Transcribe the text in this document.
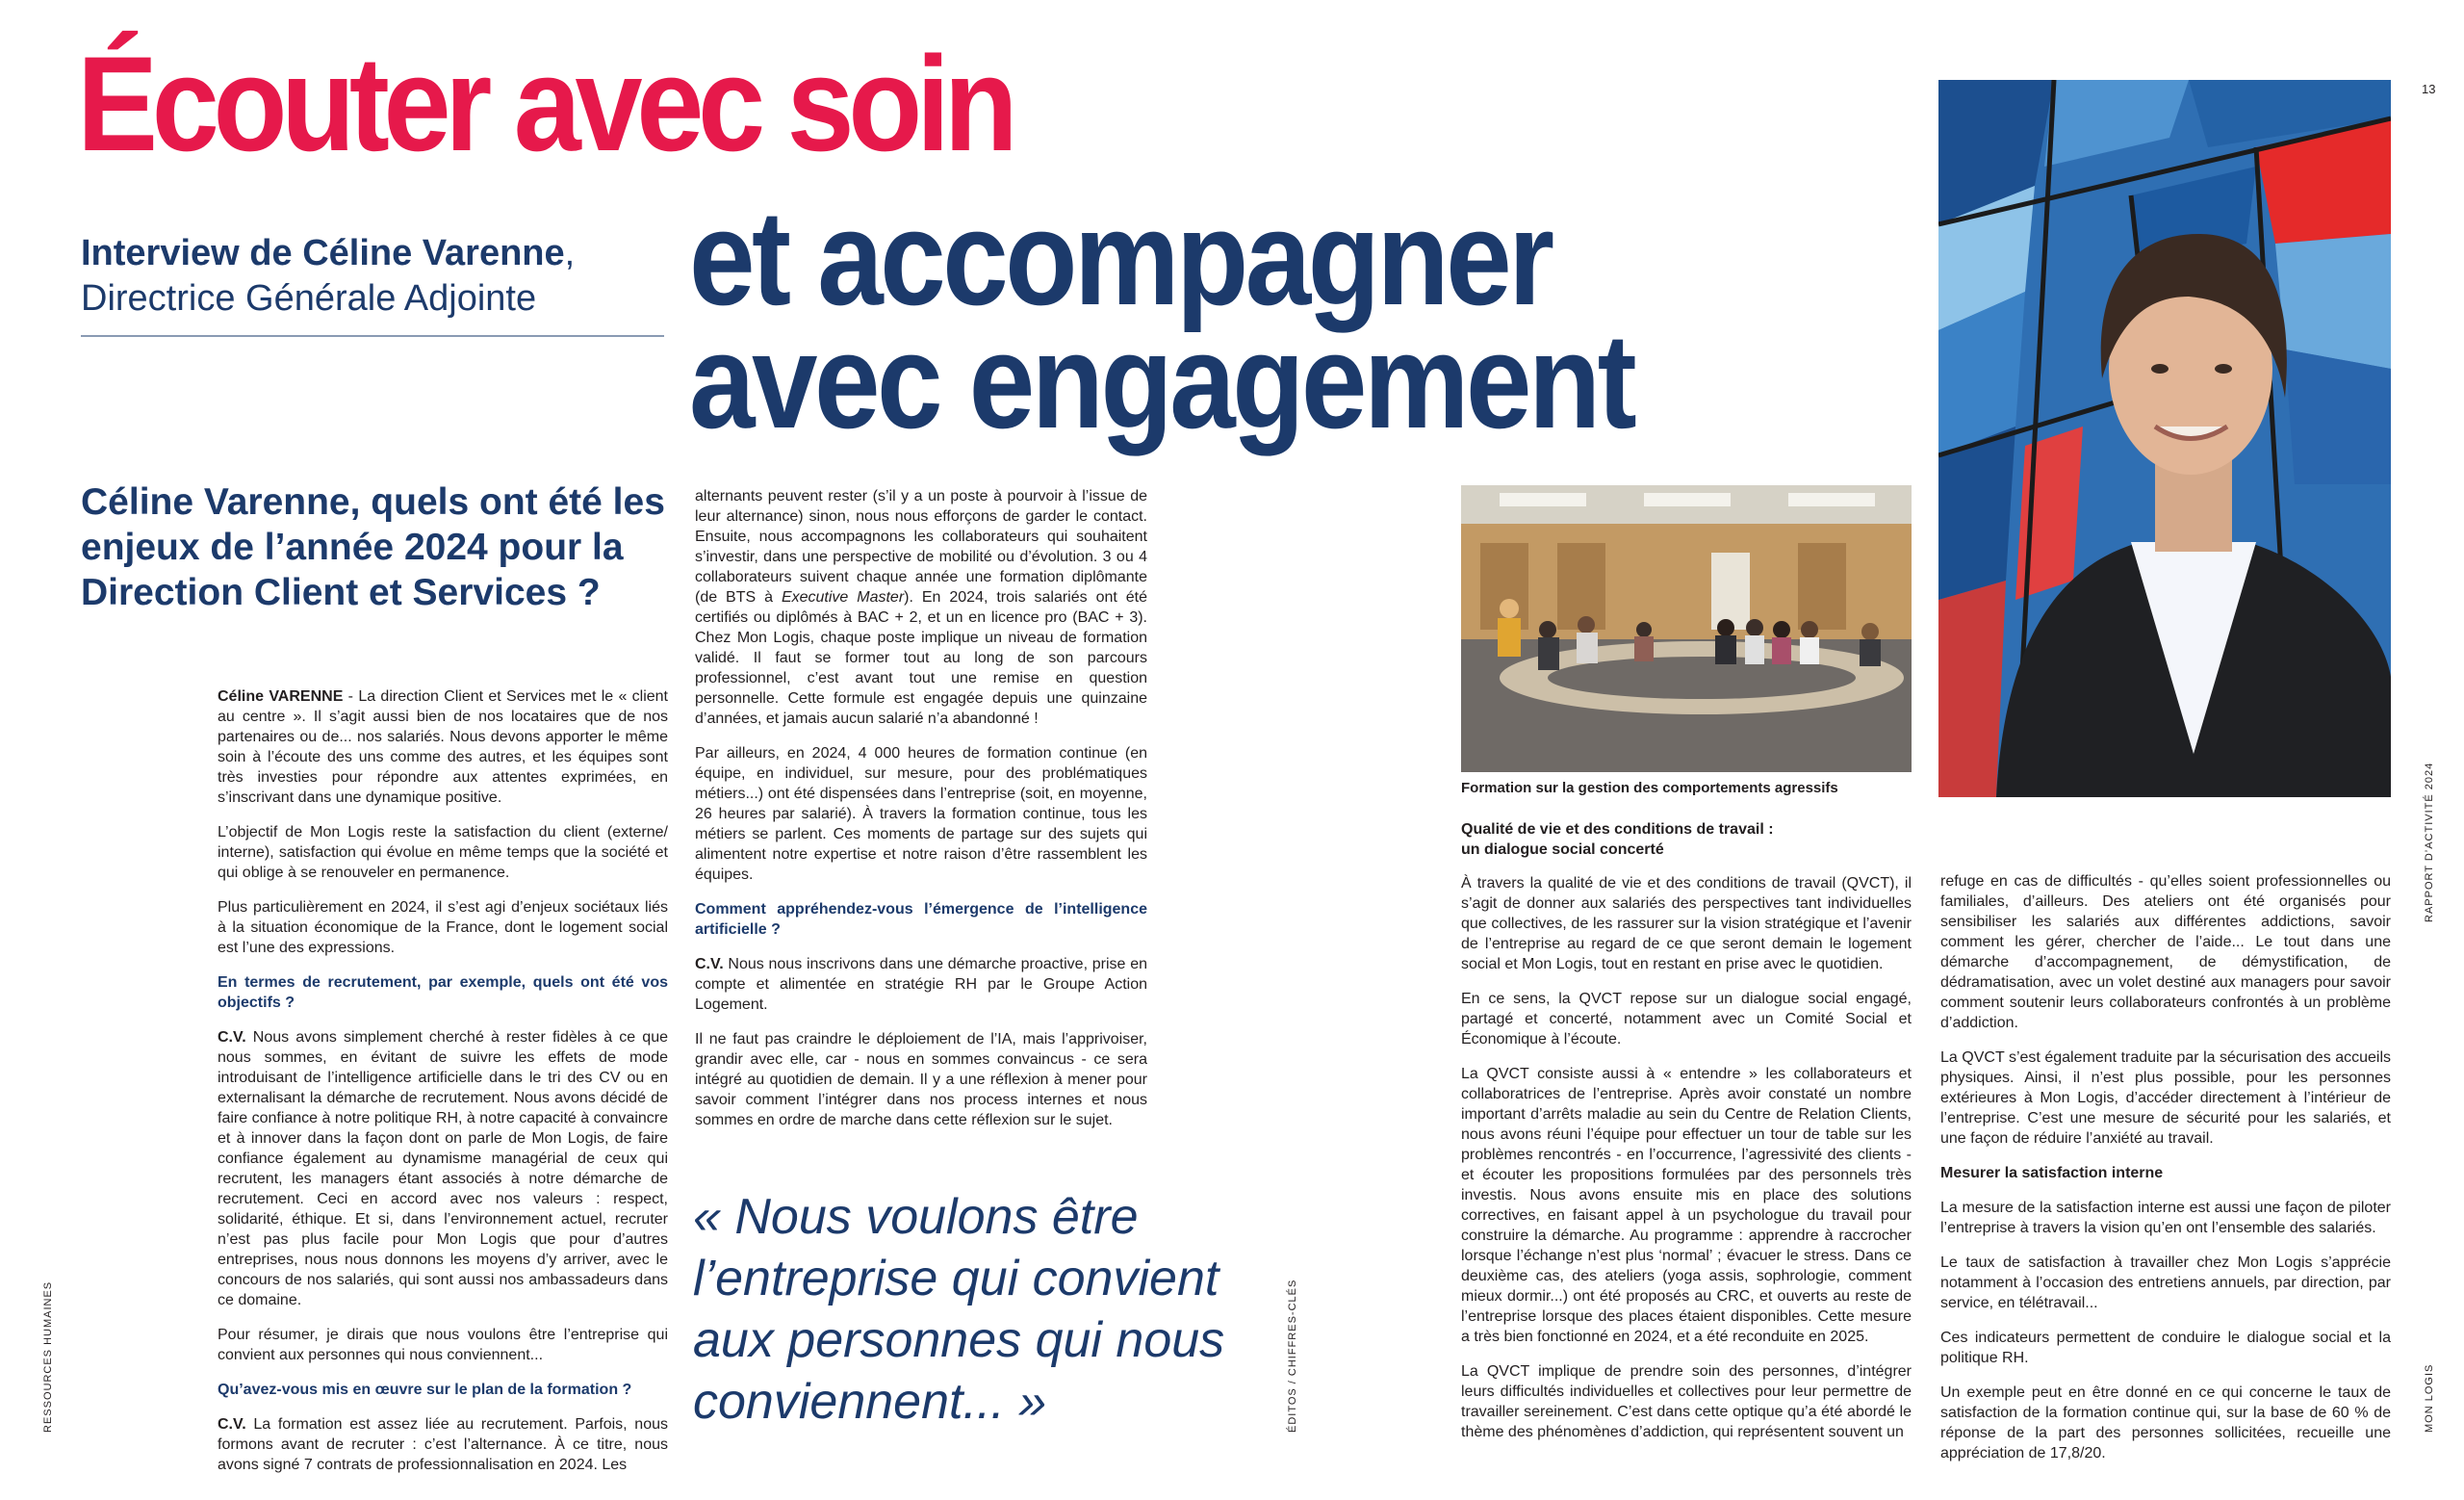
13
Écouter avec soin
et accompagner
avec engagement
Interview de Céline Varenne,
Directrice Générale Adjointe
Céline Varenne, quels ont été les enjeux de l’année 2024 pour la Direction Client et Services ?

Céline VARENNE - La direction Client et Services met le « client au centre ». Il s’agit aussi bien de nos locataires que de nos partenaires ou de... nos salariés. Nous devons apporter le même soin à l’écoute des uns comme des autres, et les équipes sont très investies pour répondre aux attentes exprimées, en s’inscrivant dans une dynamique positive.

L’objectif de Mon Logis reste la satisfaction du client (externe/ interne), satisfaction qui évolue en même temps que la société et qui oblige à se renouveler en permanence.

Plus particulièrement en 2024, il s’est agi d’enjeux sociétaux liés à la situation économique de la France, dont le logement social est l’une des expressions.

En termes de recrutement, par exemple, quels ont été vos objectifs ?

C.V. Nous avons simplement cherché à rester fidèles à ce que nous sommes, en évitant de suivre les effets de mode introduisant de l’intelligence artificielle dans le tri des CV ou en externalisant la démarche de recrutement. Nous avons décidé de faire confiance à notre politique RH, à notre capacité à convaincre et à innover dans la façon dont on parle de Mon Logis, de faire confiance également au dynamisme managérial de ceux qui recrutent, les managers étant associés à notre démarche de recrutement. Ceci en accord avec nos valeurs : respect, solidarité, éthique. Et si, dans l’environnement actuel, recruter n’est pas plus facile pour Mon Logis que pour d’autres entreprises, nous nous donnons les moyens d’y arriver, avec le concours de nos salariés, qui sont aussi nos ambassadeurs dans ce domaine.

Pour résumer, je dirais que nous voulons être l’entreprise qui convient aux personnes qui nous conviennent...

Qu’avez-vous mis en œuvre sur le plan de la formation ?

C.V. La formation est assez liée au recrutement. Parfois, nous formons avant de recruter : c’est l’alternance. À ce titre, nous avons signé 7 contrats de professionnalisation en 2024. Les

alternants peuvent rester (s’il y a un poste à pourvoir à l’issue de leur alternance) sinon, nous nous efforçons de garder le contact. Ensuite, nous accompagnons les collaborateurs qui souhaitent s’investir, dans une perspective de mobilité ou d’évolution. 3 ou 4 collaborateurs suivent chaque année une formation diplômante (de BTS à Executive Master). En 2024, trois salariés ont été certifiés ou diplômés à BAC + 2, et un en licence pro (BAC + 3). Chez Mon Logis, chaque poste implique un niveau de formation validé. Il faut se former tout au long de son parcours professionnel, c’est avant tout une remise en question personnelle. Cette formule est engagée depuis une quinzaine d’années, et jamais aucun salarié n’a abandonné !

Par ailleurs, en 2024, 4 000 heures de formation continue (en équipe, en individuel, sur mesure, pour des problématiques métiers...) ont été dispensées dans l’entreprise (soit, en moyenne, 26 heures par salarié). À travers la formation continue, tous les métiers se parlent. Ces moments de partage sur des sujets qui alimentent notre expertise et notre raison d’être rassemblent les équipes.

Comment appréhendez-vous l’émergence de l’intelligence artificielle ?

C.V. Nous nous inscrivons dans une démarche proactive, prise en compte et alimentée en stratégie RH par le Groupe Action Logement.

Il ne faut pas craindre le déploiement de l’IA, mais l’apprivoiser, grandir avec elle, car - nous en sommes convaincus - ce sera intégré au quotidien de demain. Il y a une réflexion à mener pour savoir comment l’intégrer dans nos process internes et nous sommes en ordre de marche dans cette réflexion sur le sujet.

« Nous voulons être l’entreprise qui convient aux personnes qui nous conviennent... »
Formation sur la gestion des comportements agressifs

Qualité de vie et des conditions de travail :
un dialogue social concerté

À travers la qualité de vie et des conditions de travail (QVCT), il s’agit de donner aux salariés des perspectives tant individuelles que collectives, de les rassurer sur la vision stratégique et l’avenir de l’entreprise au regard de ce que seront demain le logement social et Mon Logis, tout en restant en prise avec le quotidien.

En ce sens, la QVCT repose sur un dialogue social engagé, partagé et concerté, notamment avec un Comité Social et Économique à l’écoute.

La QVCT consiste aussi à « entendre » les collaborateurs et collaboratrices de l’entreprise. Après avoir constaté un nombre important d’arrêts maladie au sein du Centre de Relation Clients, nous avons réuni l’équipe pour effectuer un tour de table sur les problèmes rencontrés - en l’occurrence, l’agressivité des clients - et écouter les propositions formulées par des personnels très investis. Nous avons ensuite mis en place des solutions correctives, en faisant appel à un psychologue du travail pour construire la démarche. Au programme : apprendre à raccrocher lorsque l’échange n’est plus ‘normal’ ; évacuer le stress. Dans ce deuxième cas, des ateliers (yoga assis, sophrologie, comment mieux dormir...) ont été proposés au CRC, et ouverts au reste de l’entreprise lorsque des places étaient disponibles. Cette mesure a très bien fonctionné en 2024, et a été reconduite en 2025.

La QVCT implique de prendre soin des personnes, d’intégrer leurs difficultés individuelles et collectives pour leur permettre de travailler sereinement. C’est dans cette optique qu’a été abordé le thème des phénomènes d’addiction, qui représentent souvent un

refuge en cas de difficultés - qu’elles soient professionnelles ou familiales, d’ailleurs. Des ateliers ont été organisés pour sensibiliser les salariés aux différentes addictions, savoir comment les gérer, chercher de l’aide... Le tout dans une démarche d’accompagnement, de démystification, de dédramatisation, avec un volet destiné aux managers pour savoir comment soutenir leurs collaborateurs confrontés à un problème d’addiction.

La QVCT s’est également traduite par la sécurisation des accueils physiques. Ainsi, il n’est plus possible, pour les personnes extérieures à Mon Logis, d’accéder directement à l’intérieur de l’entreprise. C’est une mesure de sécurité pour les salariés, et une façon de réduire l’anxiété au travail.

Mesurer la satisfaction interne

La mesure de la satisfaction interne est aussi une façon de piloter l’entreprise à travers la vision qu’en ont l’ensemble des salariés.

Le taux de satisfaction à travailler chez Mon Logis s’apprécie notamment à l’occasion des entretiens annuels, par direction, par service, en télétravail...

Ces indicateurs permettent de conduire le dialogue social et la politique RH.

Un exemple peut en être donné en ce qui concerne le taux de satisfaction de la formation continue qui, sur la base de 60 % de réponse de la part des personnes sollicitées, recueille une appréciation de 17,8/20.

RESSOURCES HUMAINES	ÉDITOS / CHIFFRES-CLÉS
RAPPORT D’ACTIVITÉ 2024
MON LOGIS
